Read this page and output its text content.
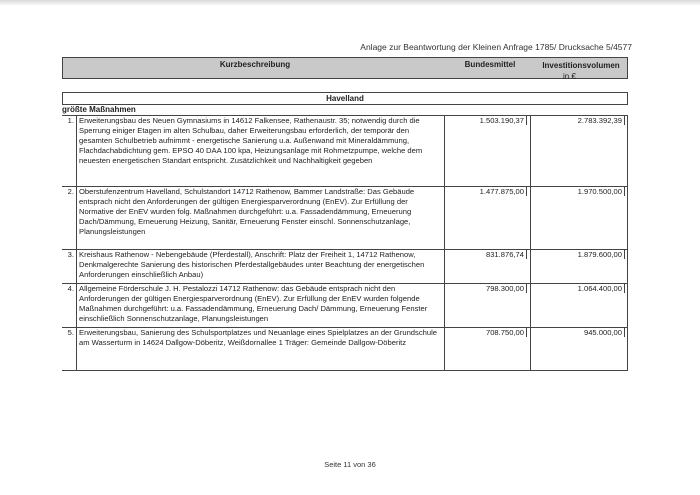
Anlage zur Beantwortung der Kleinen Anfrage 1785/ Drucksache 5/4577
Kurzbeschreibung	Bundesmittel	Investitionsvolumen
in €
Havelland
größte Maßnahmen
1. Erweiterungsbau des Neuen Gymnasiums in 14612 Falkensee, Rathenaustr. 35; notwendig durch die Sperrung einiger Etagen im alten Schulbau, daher Erweiterungsbau erforderlich, der temporär den gesamten Schulbetrieb aufnimmt - energetische Sanierung u.a. Außenwand mit Mineraldämmung, Flachdachabdichtung gem. EPSO 40 DAA 100 kpa, Heizungsanlage mit Rohrnetzpumpe, welche dem neuesten energetischen Standart entspricht. Zusätzlichkeit und Nachhaltigkeit gegeben
1.503.190,37	2.783.392,39
2. Oberstufenzentrum Havelland, Schulstandort 14712 Rathenow, Bammer Landstraße: Das Gebäude entsprach nicht den Anforderungen der gültigen Energiesparverordnung (EnEV). Zur Erfüllung der Normative der EnEV wurden folg. Maßnahmen durchgeführt: u.a. Fassadendämmung, Erneuerung Dach/Dämmung, Erneuerung Heizung, Sanitär, Erneuerung Fenster einschl. Sonnenschutzanlage, Planungsleistungen
1.477.875,00	1.970.500,00
3. Kreishaus Rathenow - Nebengebäude (Pferdestall), Anschrift: Platz der Freiheit 1, 14712 Rathenow, Denkmalgerechte Sanierung des historischen Pferdestallgebäudes unter Beachtung der energetischen Anforderungen einschließlich Anbau)
831.876,74	1.879.600,00
4. Allgemeine Förderschule J. H. Pestalozzi 14712 Rathenow: das Gebäude entsprach nicht den Anforderungen der gültigen Energiesparverordnung (EnEV). Zur Erfüllung der EnEV wurden folgende Maßnahmen durchgeführt: u.a. Fassadendämmung, Erneuerung Dach/ Dämmung, Erneuerung Fenster einschließlich Sonnenschutzanlage, Planungsleistungen
798.300,00	1.064.400,00
5. Erweiterungsbau, Sanierung des Schulsportplatzes und Neuanlage eines Spielplatzes an der Grundschule am Wasserturm in 14624 Dallgow-Döberitz, Weißdornallee 1 Träger: Gemeinde Dallgow-Döberitz
708.750,00	945.000,00
Seite 11 von 36
